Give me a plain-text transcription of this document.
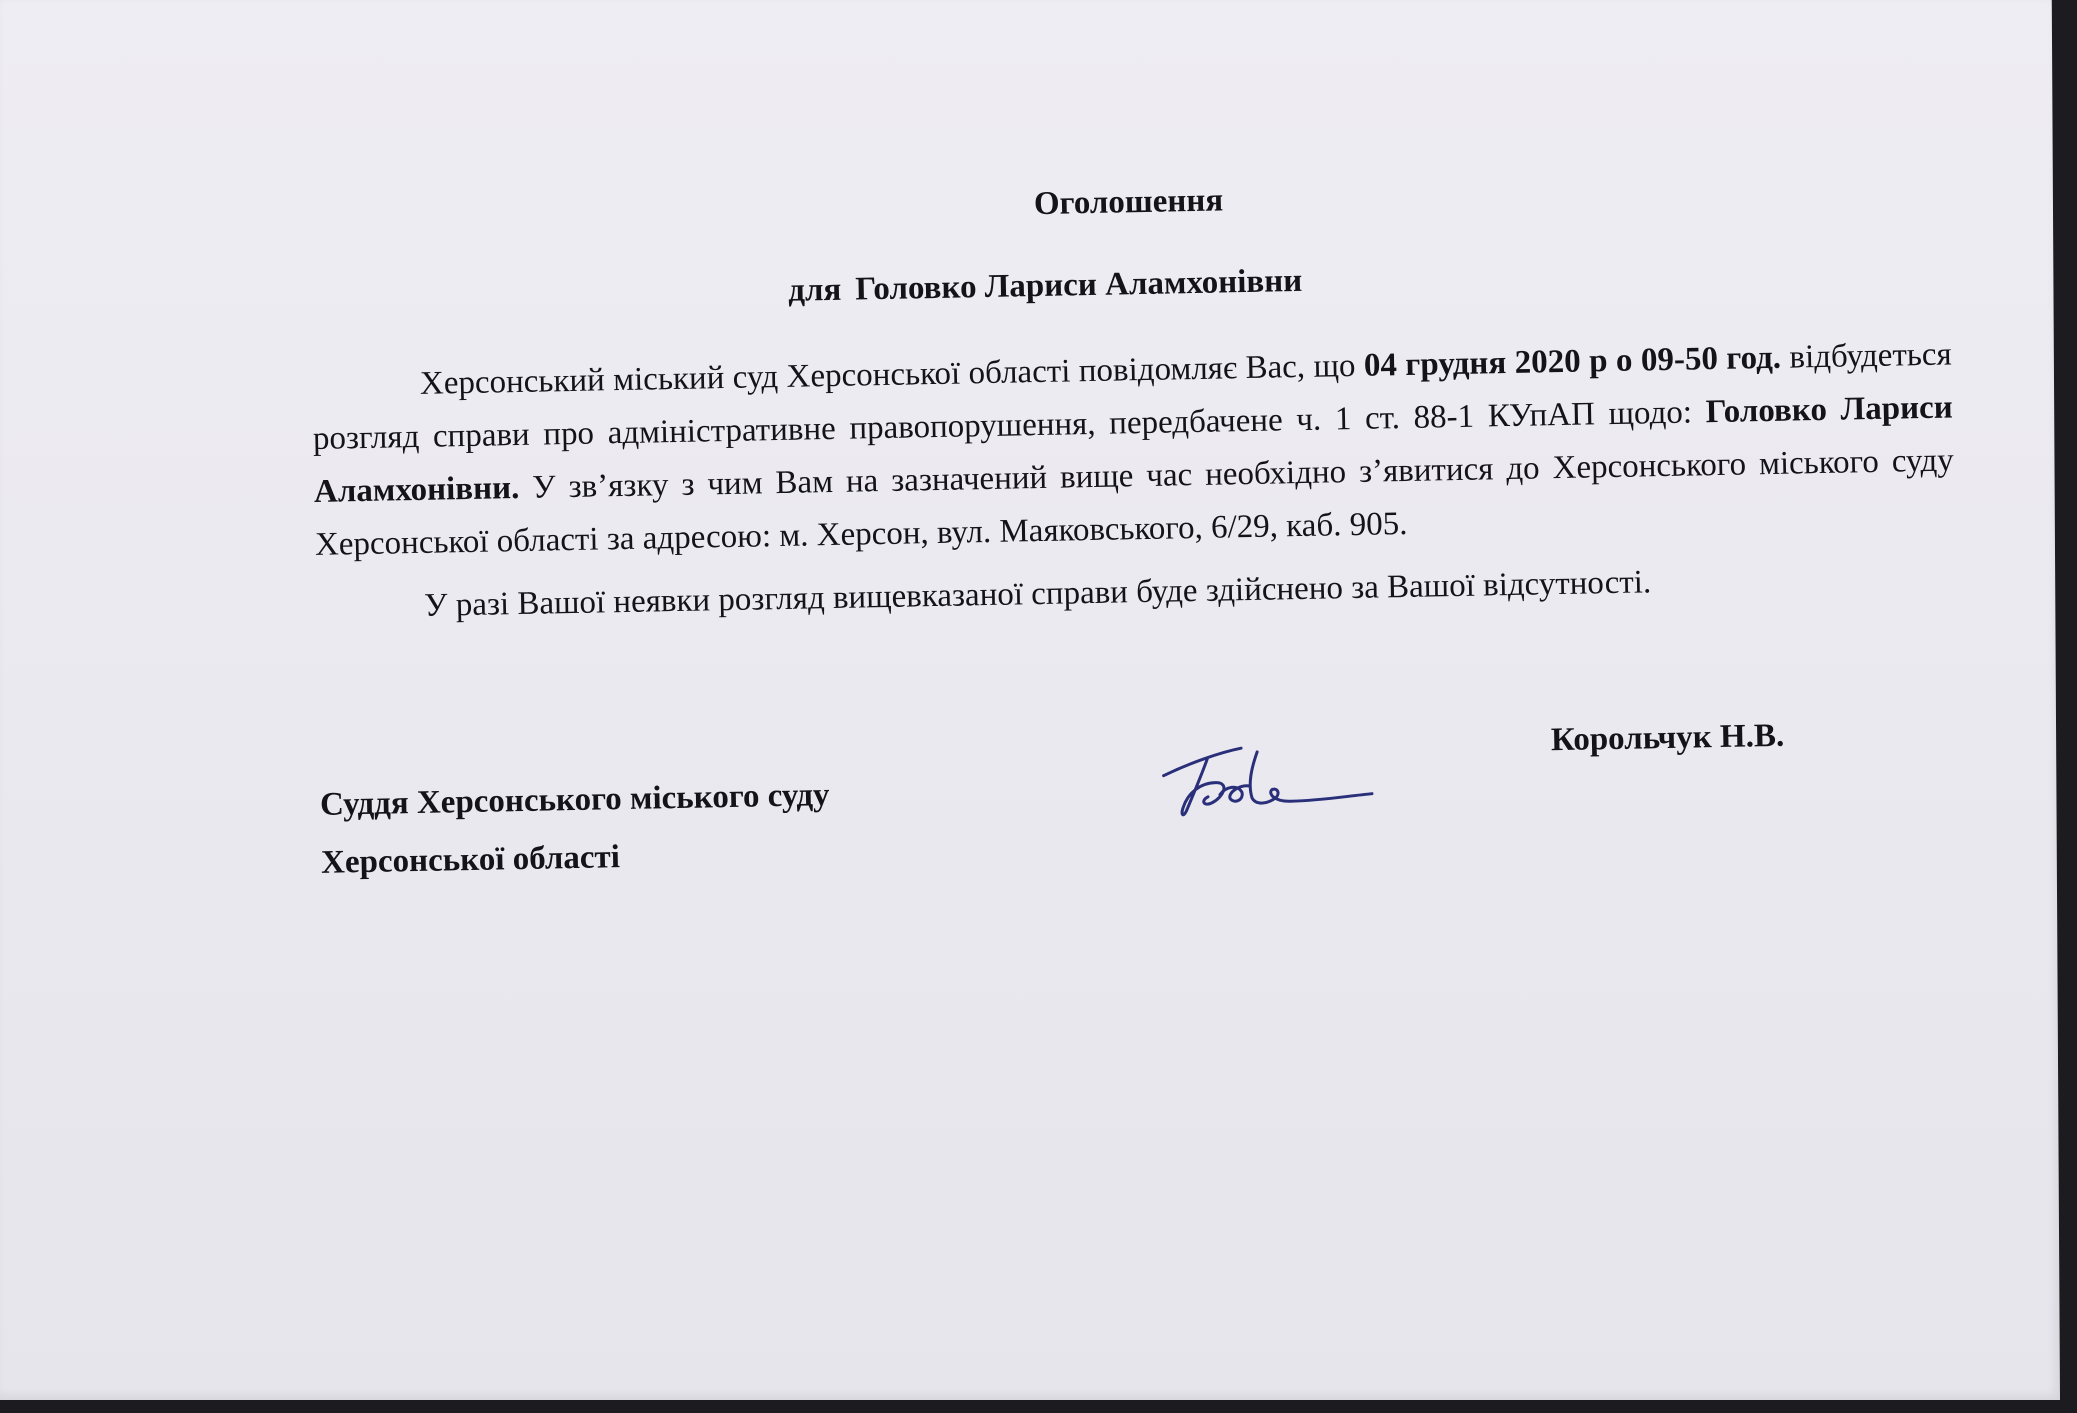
Оголошення
для Головко Лариси Аламхонівни

Херсонський міський суд Херсонської області повідомляє Вас, що 04 грудня 2020 р о 09-50 год. відбудеться розгляд справи про адміністративне правопорушення, передбачене ч. 1 ст. 88-1 КУпАП щодо: Головко Лариси Аламхонівни. У зв’язку з чим Вам на зазначений вище час необхідно з’явитися до Херсонського міського суду Херсонської області за адресою: м. Херсон, вул. Маяковського, 6/29, каб. 905.

У разі Вашої неявки розгляд вищевказаної справи буде здійснено за Вашої відсутності.

Суддя Херсонського міського суду
Херсонської області
Корольчук Н.В.
